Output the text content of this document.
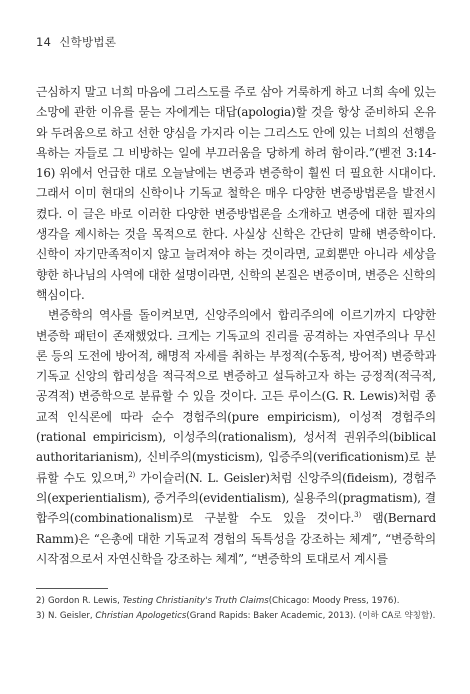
14 신학방법론

근심하지 말고 너희 마음에 그리스도를 주로 삼아 거룩하게 하고 너희 속에 있는 소망에 관한 이유를 묻는 자에게는 대답(apologia)할 것을 항상 준비하되 온유와 두려움으로 하고 선한 양심을 가지라 이는 그리스도 안에 있는 너희의 선행을 욕하는 자들로 그 비방하는 일에 부끄러움을 당하게 하려 함이라.”(벧전 3:14-16) 위에서 언급한 대로 오늘날에는 변증과 변증학이 훨씬 더 필요한 시대이다. 그래서 이미 현대의 신학이나 기독교 철학은 매우 다양한 변증방법론을 발전시켰다. 이 글은 바로 이러한 다양한 변증방법론을 소개하고 변증에 대한 필자의 생각을 제시하는 것을 목적으로 한다. 사실상 신학은 간단히 말해 변증학이다. 신학이 자기만족적이지 않고 늘려져야 하는 것이라면, 교회뿐만 아니라 세상을 향한 하나님의 사역에 대한 설명이라면, 신학의 본질은 변증이며, 변증은 신학의 핵심이다.

변증학의 역사를 돌이켜보면, 신앙주의에서 합리주의에 이르기까지 다양한 변증학 패턴이 존재했었다. 크게는 기독교의 진리를 공격하는 자연주의나 무신론 등의 도전에 방어적, 해명적 자세를 취하는 부정적(수동적, 방어적) 변증학과 기독교 신앙의 합리성을 적극적으로 변증하고 설득하고자 하는 긍정적(적극적, 공격적) 변증학으로 분류할 수 있을 것이다. 고든 루이스(G. R. Lewis)처럼 종교적 인식론에 따라 순수 경험주의(pure empiricism), 이성적 경험주의(rational empiricism), 이성주의(rationalism), 성서적 권위주의(biblical authoritarianism), 신비주의(mysticism), 입증주의(verificationism)로 분류할 수도 있으며,$^{2)}$ 가이슬러(N. L. Geisler)처럼 신앙주의(fideism), 경험주의(experientialism), 증거주의(evidentialism), 실용주의(pragmatism), 결합주의(combinationalism)로 구분할 수도 있을 것이다.$^{3)}$ 램(Bernard Ramm)은 “은총에 대한 기독교적 경험의 독특성을 강조하는 체계”, “변증학의 시작점으로서 자연신학을 강조하는 체계”, “변증학의 토대로서 계시를

2) Gordon R. Lewis, Testing Christianity's Truth Claims(Chicago: Moody Press, 1976).
3) N. Geisler, Christian Apologetics(Grand Rapids: Baker Academic, 2013). (이하 CA로 약칭함).
